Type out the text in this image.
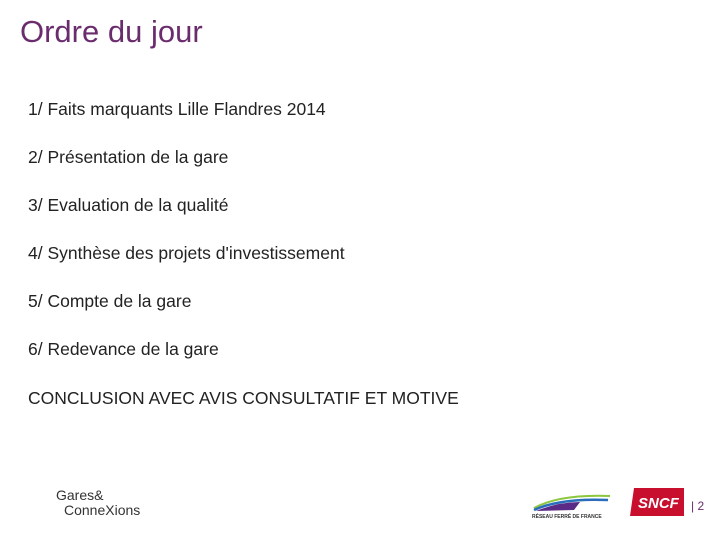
Ordre du jour
1/ Faits marquants Lille Flandres 2014
2/ Présentation de la gare
3/ Evaluation de la qualité
4/ Synthèse des projets d'investissement
5/ Compte de la gare
6/ Redevance de la gare
CONCLUSION AVEC AVIS CONSULTATIF ET MOTIVE
Gares&
ConneXions	RÉSEAU FERRÉ DE FRANCE
SNCF | 2
